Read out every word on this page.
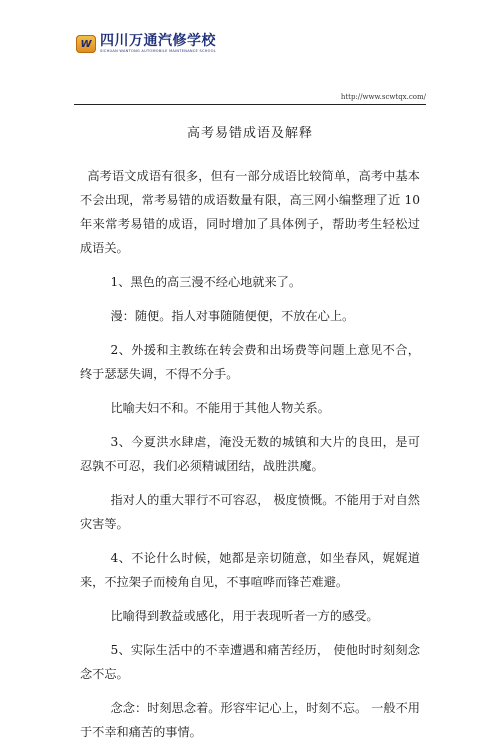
W 四川万通汽修学校
SICHUAN WANTONG AUTOMOBILE MAINTENANCE SCHOOL
http://www.scwtqx.com/
高考易错成语及解释

高考语文成语有很多，但有一部分成语比较简单，高考中基本不会出现，常考易错的成语数量有限，高三网小编整理了近 10 年来常考易错的成语，同时增加了具体例子，帮助考生轻松过成语关。

1、黑色的高三漫不经心地就来了。

漫：随便。指人对事随随便便，不放在心上。

2、外援和主教练在转会费和出场费等问题上意见不合，终于瑟瑟失调，不得不分手。

比喻夫妇不和。不能用于其他人物关系。

3、今夏洪水肆虐，淹没无数的城镇和大片的良田，是可忍孰不可忍，我们必须精诚团结，战胜洪魔。

指对人的重大罪行不可容忍， 极度愤慨。不能用于对自然灾害等。

4、不论什么时候，她都是亲切随意，如坐春风，娓娓道来，不拉架子而棱角自见，不事喧哗而锋芒难避。

比喻得到教益或感化，用于表现听者一方的感受。

5、实际生活中的不幸遭遇和痛苦经历， 使他时时刻刻念念不忘。

念念：时刻思念着。形容牢记心上，时刻不忘。 一般不用于不幸和痛苦的事情。
